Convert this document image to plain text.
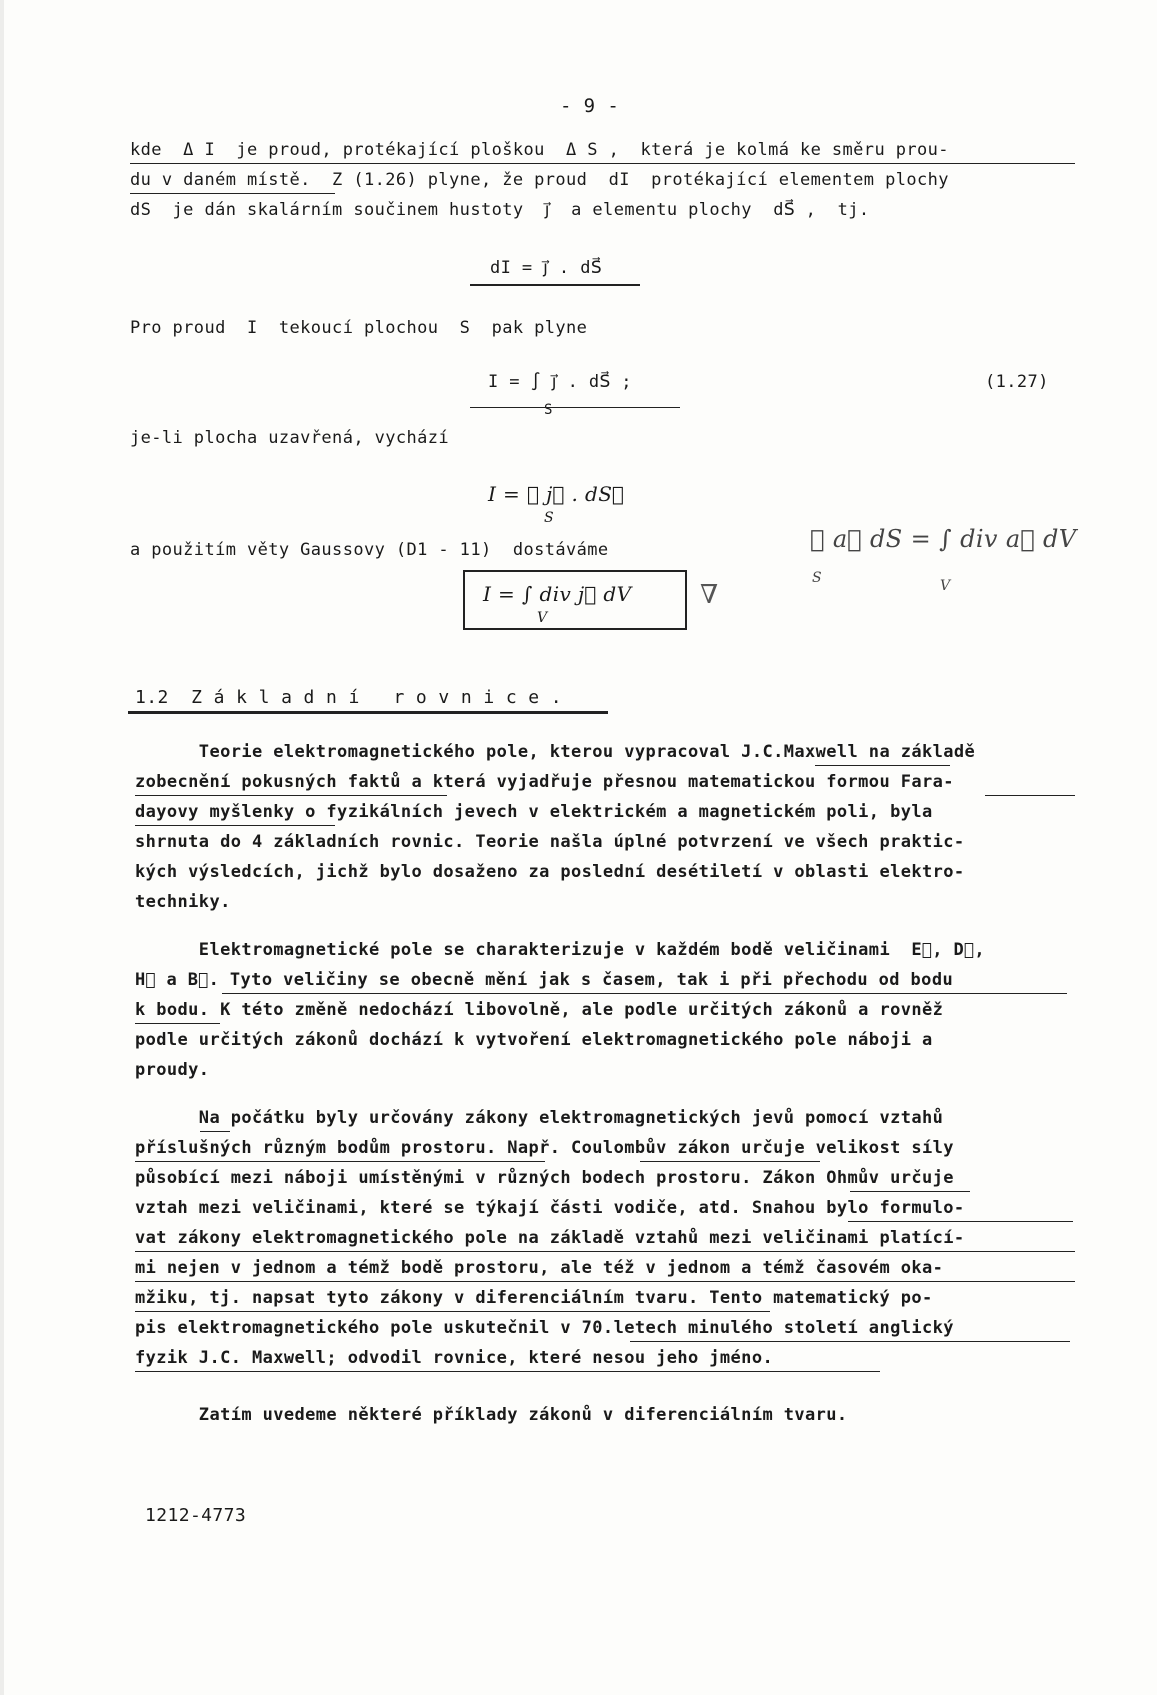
- 9 -
kde  Δ I  je proud, protékající ploškou  Δ S ,  která je kolmá ke směru prou-
du v daném místě.  Z (1.26) plyne, že proud  dI  protékající elementem plochy
dS  je dán skalárním součinem hustoty  j⃗  a elementu plochy  dS⃗ ,  tj.
dI = j⃗ . dS⃗
Pro proud  I  tekoucí plochou  S  pak plyne
I = ∫ j⃗ . dS⃗ ;
S
(1.27)
je-li plocha uzavřená, vychází
I = ∮ j⃗ . dS⃗
S
a použitím věty Gaussovy (D1 - 11)  dostáváme
I = ∫ div j⃗ dV
V
∇
∮ a⃗ dS = ∫ div a⃗ dV
S	V
1.2  Z á k l a d n í   r o v n i c e .
Teorie elektromagnetického pole, kterou vypracoval J.C.Maxwell na základě
zobecnění pokusných faktů a která vyjadřuje přesnou matematickou formou Fara-
dayovy myšlenky o fyzikálních jevech v elektrickém a magnetickém poli, byla
shrnuta do 4 základních rovnic. Teorie našla úplné potvrzení ve všech praktic-
kých výsledcích, jichž bylo dosaženo za poslední desétiletí v oblasti elektro-
techniky.
Elektromagnetické pole se charakterizuje v každém bodě veličinami  E⃗, D⃗,
H⃗ a B⃗. Tyto veličiny se obecně mění jak s časem, tak i při přechodu od bodu
k bodu. K této změně nedochází libovolně, ale podle určitých zákonů a rovněž
podle určitých zákonů dochází k vytvoření elektromagnetického pole náboji a
proudy.
Na počátku byly určovány zákony elektromagnetických jevů pomocí vztahů
příslušných různým bodům prostoru. Např. Coulombův zákon určuje velikost síly
působící mezi náboji umístěnými v různých bodech prostoru. Zákon Ohmův určuje
vztah mezi veličinami, které se týkají části vodiče, atd. Snahou bylo formulo-
vat zákony elektromagnetického pole na základě vztahů mezi veličinami platící-
mi nejen v jednom a témž bodě prostoru, ale též v jednom a témž časovém oka-
mžiku, tj. napsat tyto zákony v diferenciálním tvaru. Tento matematický po-
pis elektromagnetického pole uskutečnil v 70.letech minulého století anglický
fyzik J.C. Maxwell; odvodil rovnice, které nesou jeho jméno.
Zatím uvedeme některé příklady zákonů v diferenciálním tvaru.
1212-4773
